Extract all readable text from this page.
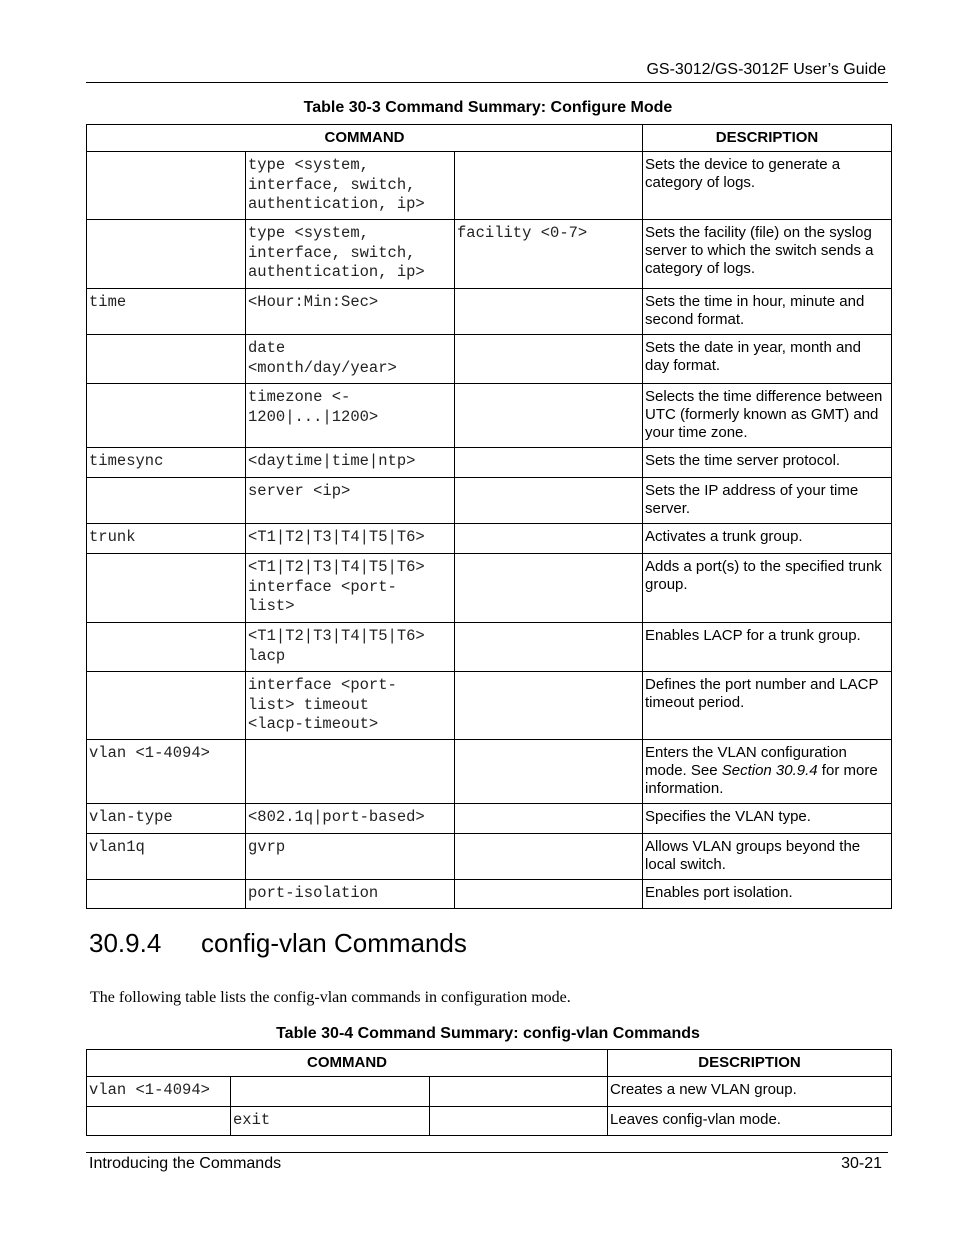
GS-3012/GS-3012F User’s Guide
Table 30-3 Command Summary: Configure Mode
COMMAND			DESCRIPTION

	type <system,
interface, switch,
authentication, ip>		Sets the device to generate a category of logs.

	type <system,
interface, switch,
authentication, ip>	facility <0-7>	Sets the facility (file) on the syslog server to which the switch sends a category of logs.

time	<Hour:Min:Sec>		Sets the time in hour, minute and second format.

	date
<month/day/year>		Sets the date in year, month and day format.

	timezone <-
1200|...|1200>		Selects the time difference between UTC (formerly known as GMT) and your time zone.

timesync	<daytime|time|ntp>		Sets the time server protocol.

	server <ip>		Sets the IP address of your time server.

trunk	<T1|T2|T3|T4|T5|T6>		Activates a trunk group.

	<T1|T2|T3|T4|T5|T6>
interface <port-
list>		Adds a port(s) to the specified trunk group.

	<T1|T2|T3|T4|T5|T6>
lacp		Enables LACP for a trunk group.

	interface <port-
list> timeout
<lacp-timeout>		Defines the port number and LACP timeout period.

vlan <1-4094>			Enters the VLAN configuration mode. See Section 30.9.4 for more information.

vlan-type	<802.1q|port-based>		Specifies the VLAN type.

vlan1q	gvrp		Allows VLAN groups beyond the local switch.

	port-isolation		Enables port isolation.
30.9.4 config-vlan Commands
The following table lists the config-vlan commands in configuration mode.
Table 30-4 Command Summary: config-vlan Commands
COMMAND			DESCRIPTION

vlan <1-4094>			Creates a new VLAN group.

	exit		Leaves config-vlan mode.
Introducing the Commands	30-21
